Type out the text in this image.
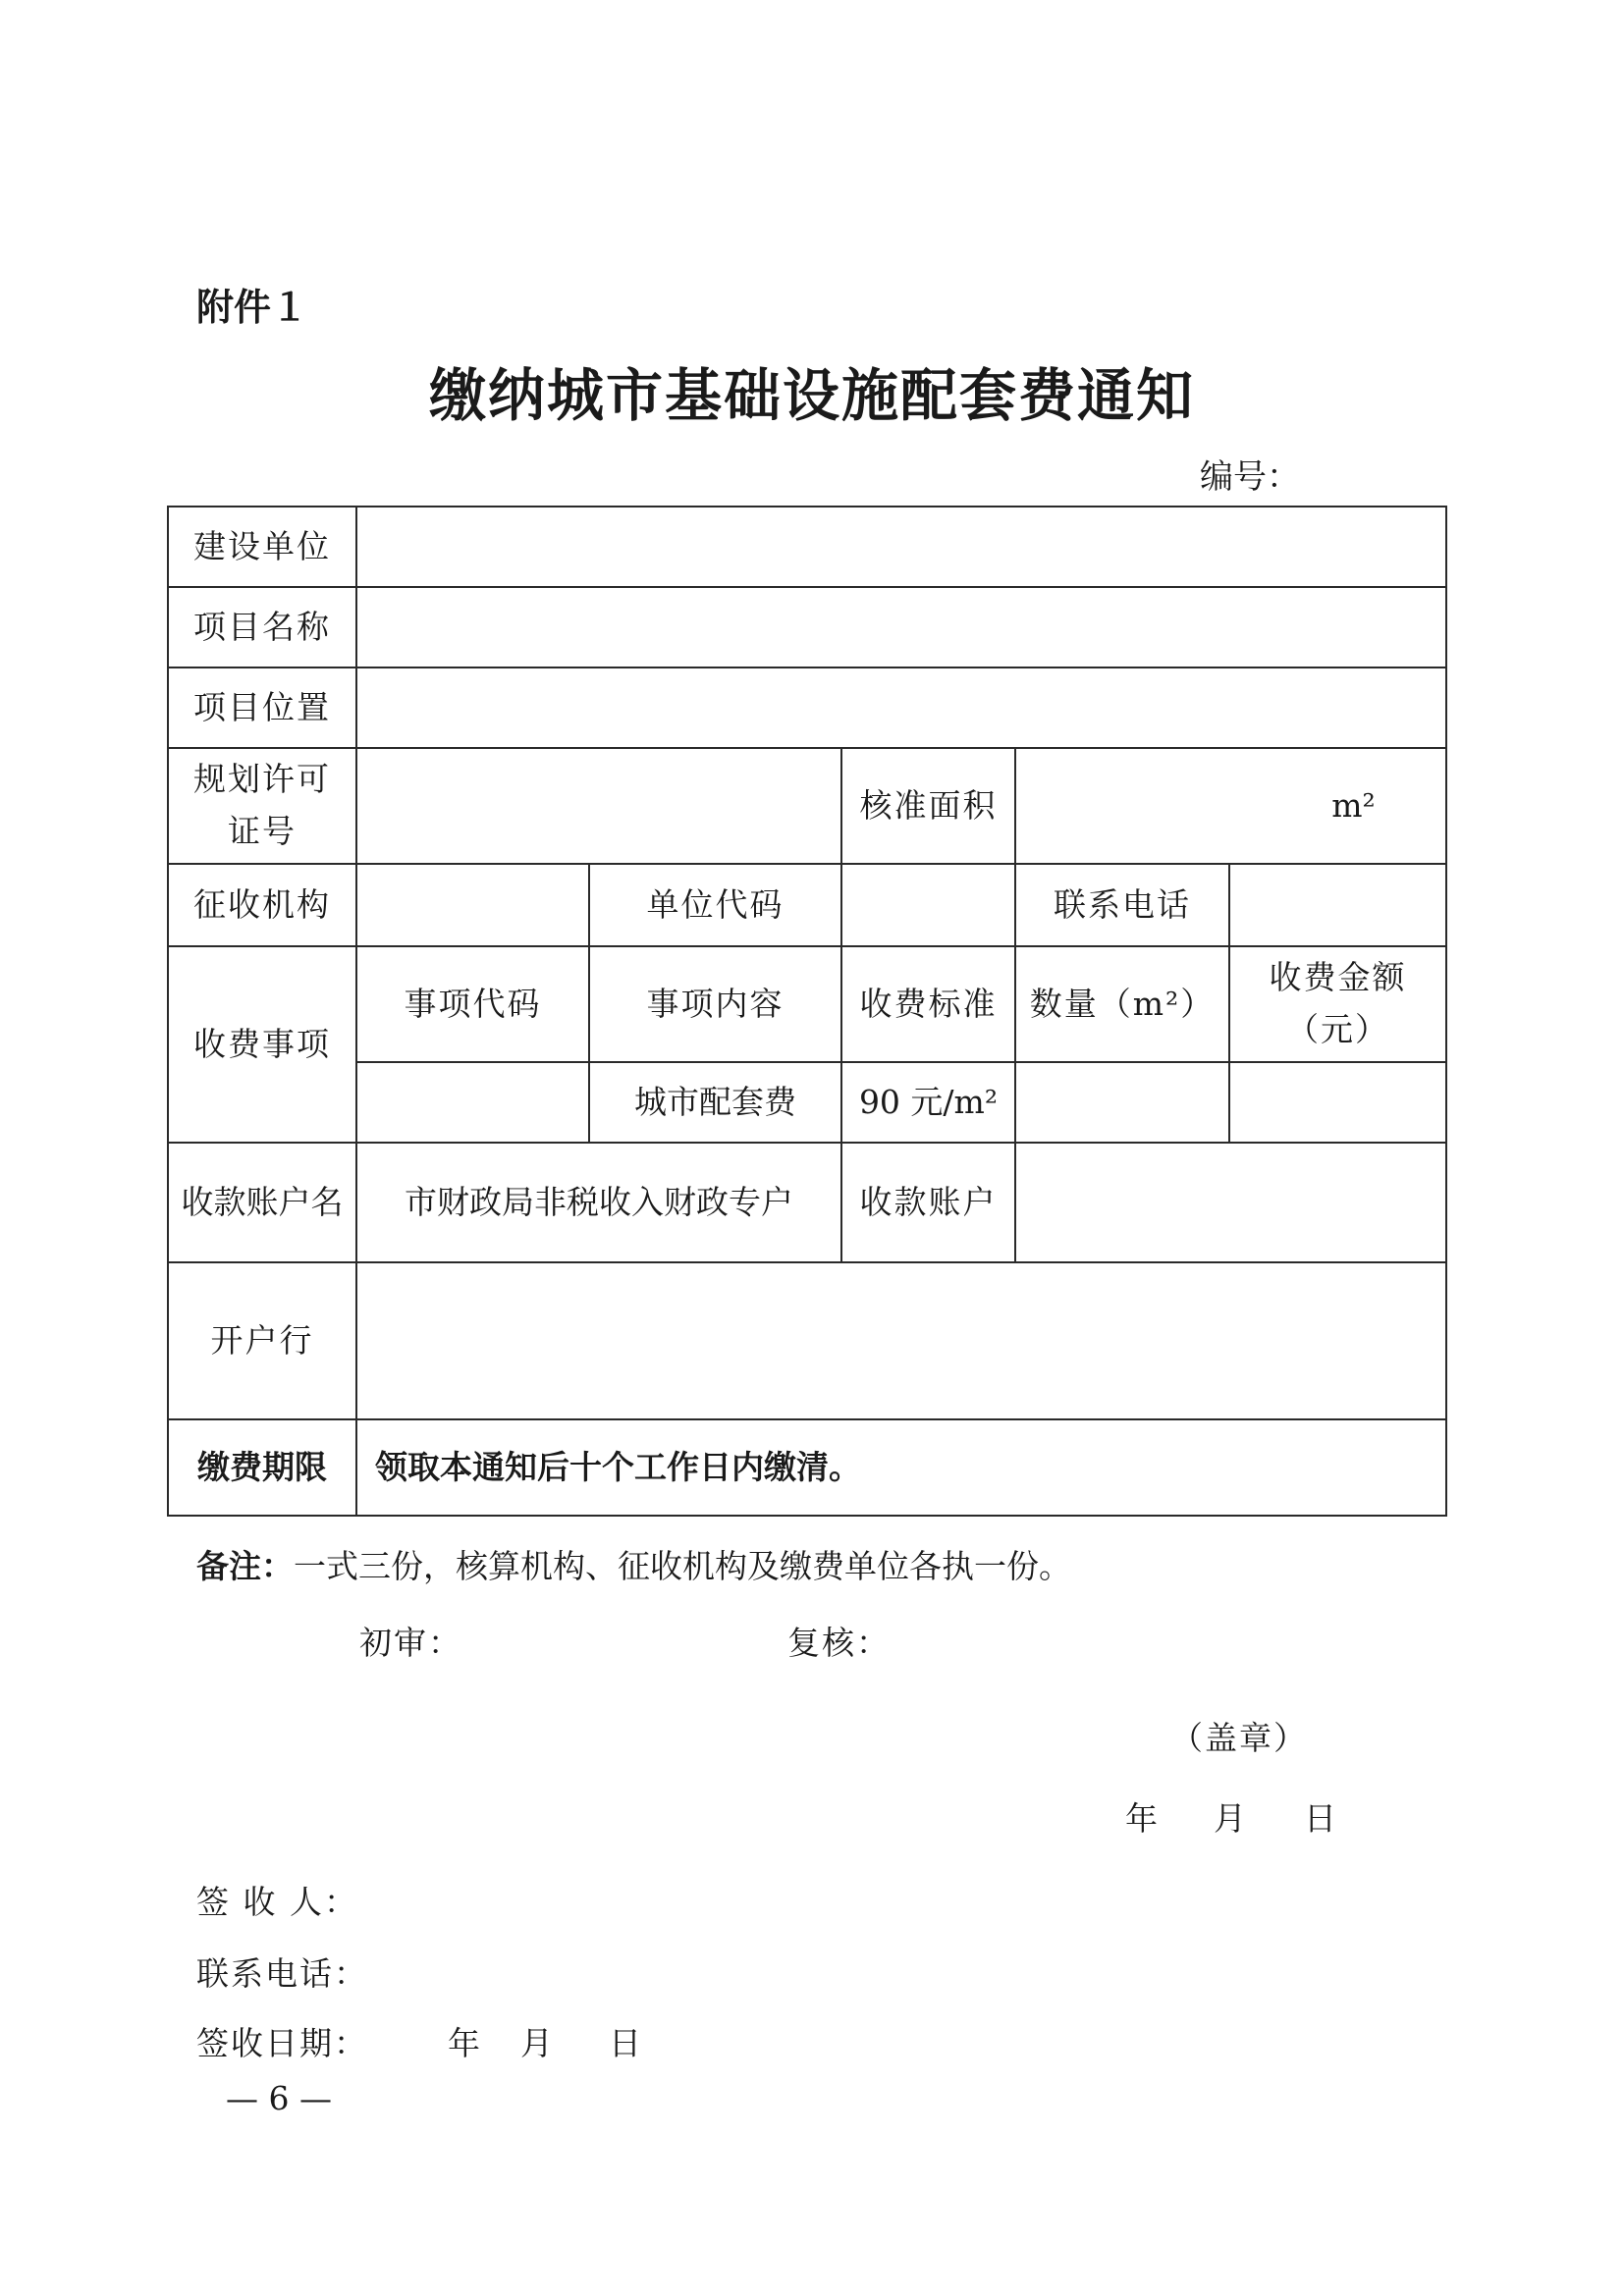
附件１
缴纳城市基础设施配套费通知
编号：
建设单位					
项目名称					
项目位置					
规划许可证号			核准面积	m²	
征收机构		单位代码		联系电话	
收费事项	事项代码	事项内容	收费标准	数量（m²）	收费金额（元）
		城市配套费	90 元/m²		
收款账户名	市财政局非税收入财政专户		收款账户		
开户行					
缴费期限	领取本通知后十个工作日内缴清。				
备注：一式三份，核算机构、征收机构及缴费单位各执一份。
初审：	复核：
（盖章）
年 月 日
签 收 人：
联系电话：
签收日期： 年 月 日
— 6 —
